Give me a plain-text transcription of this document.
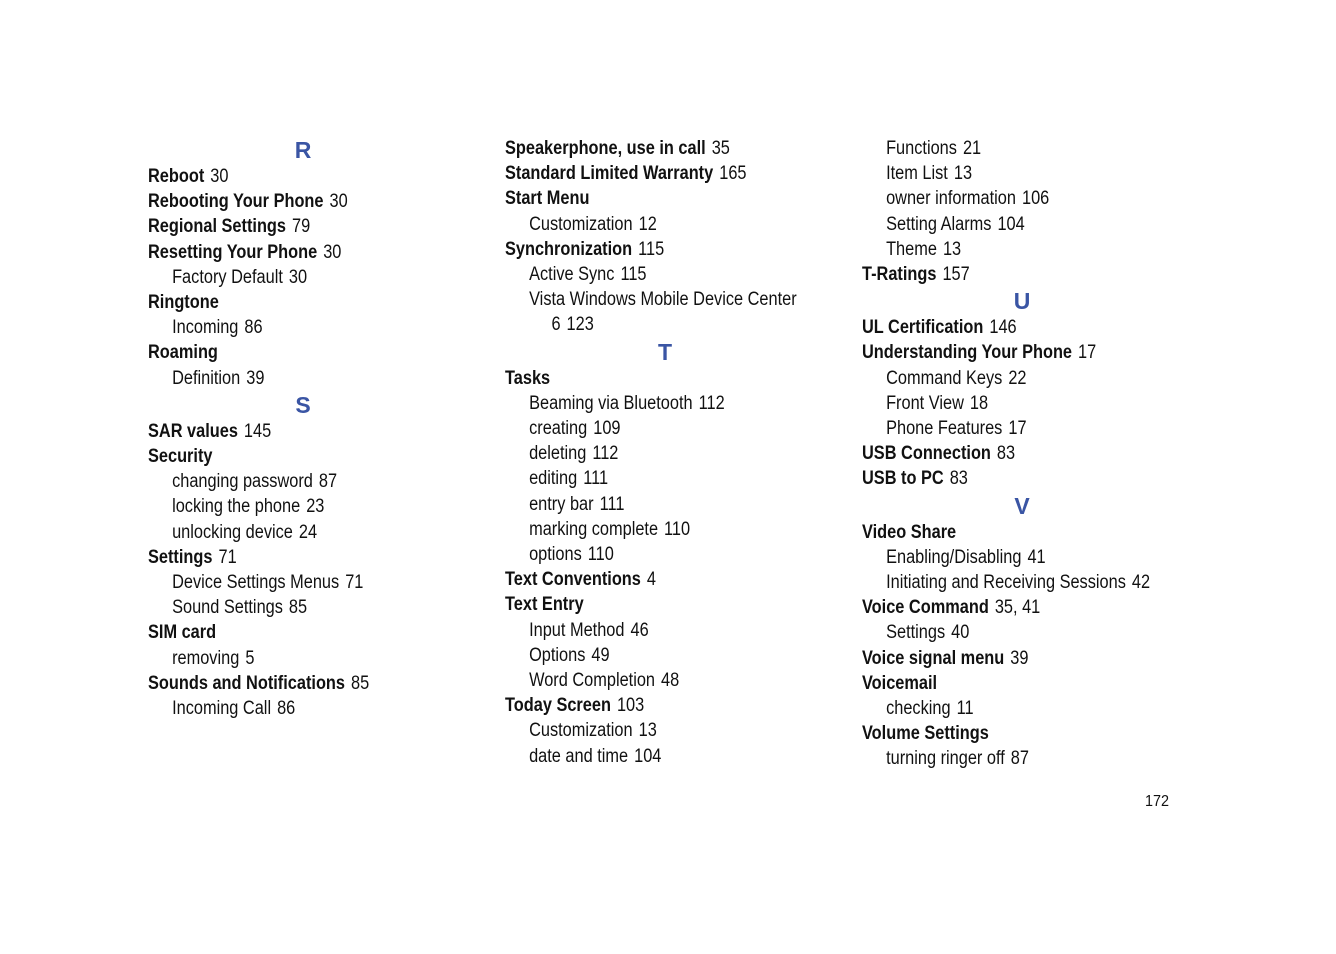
R
Reboot 30
Rebooting Your Phone 30
Regional Settings 79
Resetting Your Phone 30
Factory Default 30
Ringtone
Incoming 86
Roaming
Definition 39
S
SAR values 145
Security
changing password 87
locking the phone 23
unlocking device 24
Settings 71
Device Settings Menus 71
Sound Settings 85
SIM card
removing 5
Sounds and Notifications 85
Incoming Call 86
Speakerphone, use in call 35
Standard Limited Warranty 165
Start Menu
Customization 12
Synchronization 115
Active Sync 115
Vista Windows Mobile Device Center
6 123
T
Tasks
Beaming via Bluetooth 112
creating 109
deleting 112
editing 111
entry bar 111
marking complete 110
options 110
Text Conventions 4
Text Entry
Input Method 46
Options 49
Word Completion 48
Today Screen 103
Customization 13
date and time 104
Functions 21
Item List 13
owner information 106
Setting Alarms 104
Theme 13
T-Ratings 157
U
UL Certification 146
Understanding Your Phone 17
Command Keys 22
Front View 18
Phone Features 17
USB Connection 83
USB to PC 83
V
Video Share
Enabling/Disabling 41
Initiating and Receiving Sessions 42
Voice Command 35, 41
Settings 40
Voice signal menu 39
Voicemail
checking 11
Volume Settings
turning ringer off 87
172
